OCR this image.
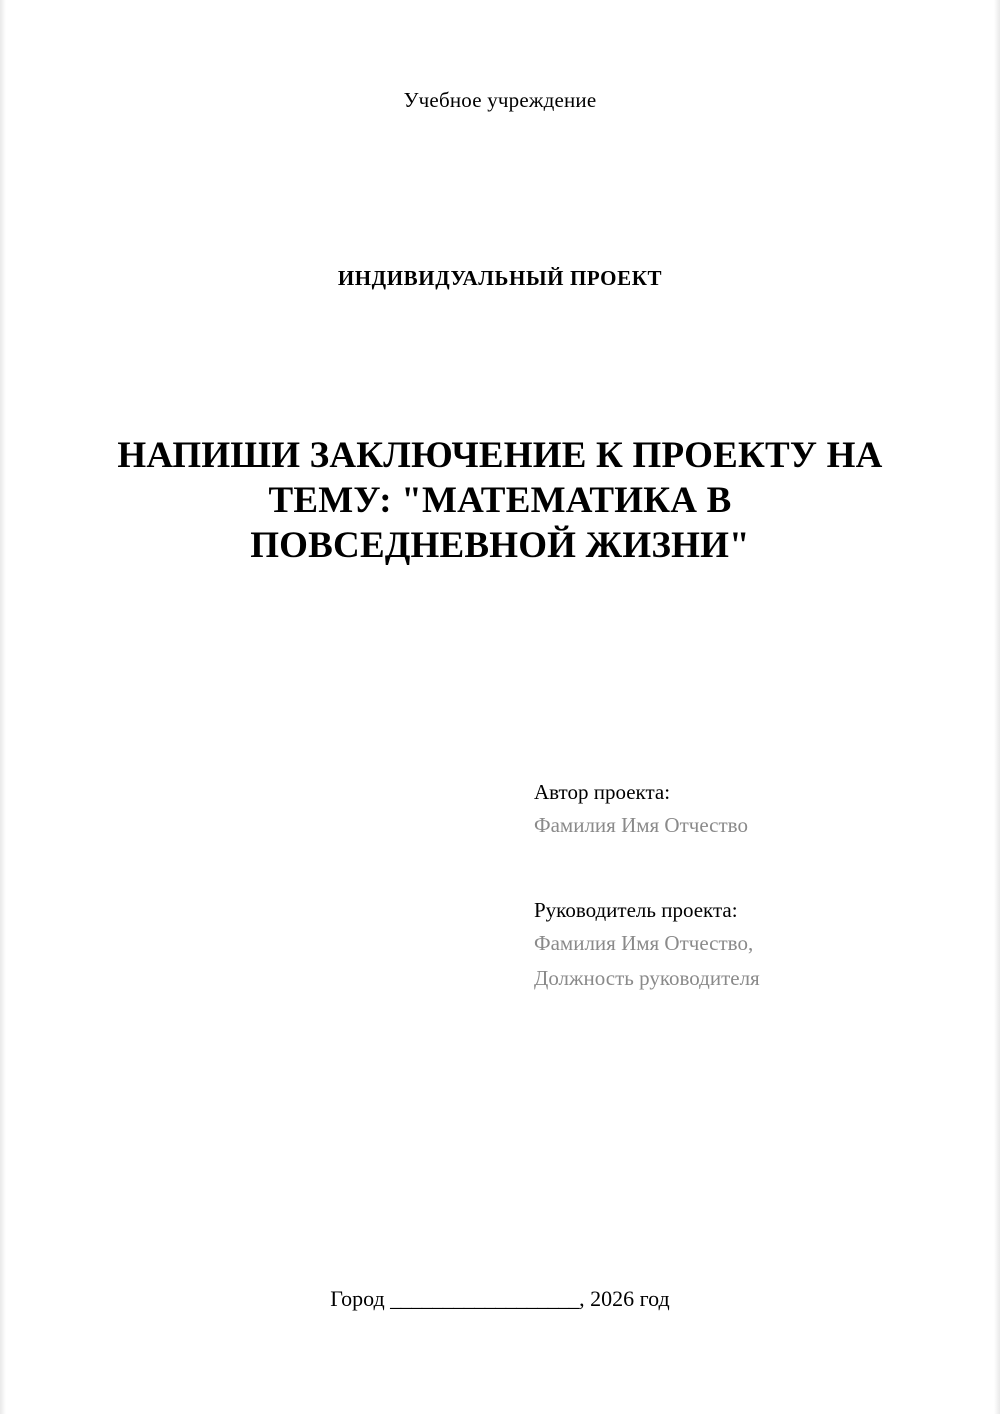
Учебное учреждение
ИНДИВИДУАЛЬНЫЙ ПРОЕКТ
НАПИШИ ЗАКЛЮЧЕНИЕ К ПРОЕКТУ НА ТЕМУ: "МАТЕМАТИКА В ПОВСЕДНЕВНОЙ ЖИЗНИ"

Автор проекта:

Фамилия Имя Отчество

Руководитель проекта:

Фамилия Имя Отчество,

Должность руководителя

Город __________________, 2026 год
